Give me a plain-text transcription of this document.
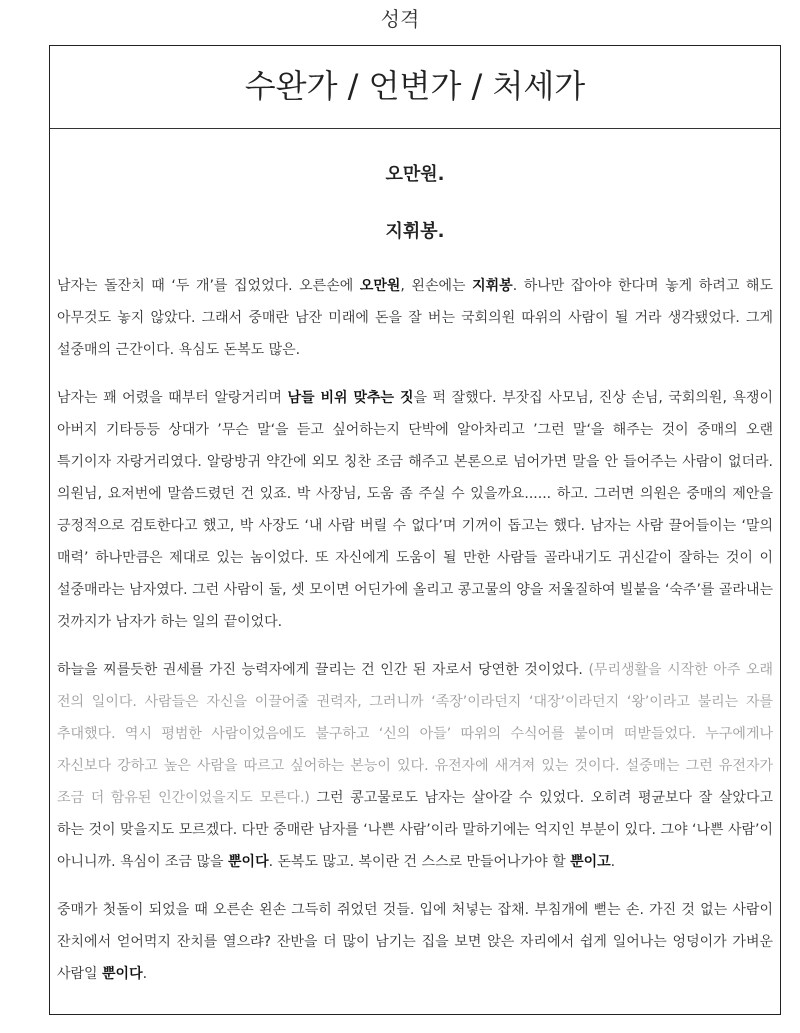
성격
수완가 / 언변가 / 처세가
오만원.
지휘봉.

남자는 돌잔치 때 ‘두 개’를 집었었다. 오른손에 오만원, 왼손에는 지휘봉. 하나만 잡아야 한다며 놓게 하려고 해도 아무것도 놓지 않았다. 그래서 중매란 남잔 미래에 돈을 잘 버는 국회의원 따위의 사람이 될 거라 생각됐었다. 그게 설중매의 근간이다. 욕심도 돈복도 많은.

남자는 꽤 어렸을 때부터 알랑거리며 남들 비위 맞추는 짓을 퍽 잘했다. 부잣집 사모님, 진상 손님, 국회의원, 욕쟁이 아버지 기타등등 상대가 ’무슨 말‘을 듣고 싶어하는지 단박에 알아차리고 ’그런 말‘을 해주는 것이 중매의 오랜 특기이자 자랑거리였다. 알랑방귀 약간에 외모 칭찬 조금 해주고 본론으로 넘어가면 말을 안 들어주는 사람이 없더라. 의원님, 요저번에 말씀드렸던 건 있죠. 박 사장님, 도움 좀 주실 수 있을까요...... 하고. 그러면 의원은 중매의 제안을 긍정적으로 검토한다고 했고, 박 사장도 ‘내 사람 버릴 수 없다’며 기꺼이 돕고는 했다. 남자는 사람 끌어들이는 ‘말의 매력’ 하나만큼은 제대로 있는 놈이었다. 또 자신에게 도움이 될 만한 사람들 골라내기도 귀신같이 잘하는 것이 이 설중매라는 남자였다. 그런 사람이 둘, 셋 모이면 어딘가에 올리고 콩고물의 양을 저울질하여 빌붙을 ‘숙주’를 골라내는 것까지가 남자가 하는 일의 끝이었다.

하늘을 찌를듯한 권세를 가진 능력자에게 끌리는 건 인간 된 자로서 당연한 것이었다. (무리생활을 시작한 아주 오래 전의 일이다. 사람들은 자신을 이끌어줄 권력자, 그러니까 ‘족장’이라던지 ‘대장’이라던지 ‘왕’이라고 불리는 자를 추대했다. 역시 평범한 사람이었음에도 불구하고 ‘신의 아들’ 따위의 수식어를 붙이며 떠받들었다. 누구에게나 자신보다 강하고 높은 사람을 따르고 싶어하는 본능이 있다. 유전자에 새겨져 있는 것이다. 설중매는 그런 유전자가 조금 더 함유된 인간이었을지도 모른다.) 그런 콩고물로도 남자는 살아갈 수 있었다. 오히려 평균보다 잘 살았다고 하는 것이 맞을지도 모르겠다. 다만 중매란 남자를 ‘나쁜 사람’이라 말하기에는 억지인 부분이 있다. 그야 ‘나쁜 사람’이 아니니까. 욕심이 조금 많을 뿐이다. 돈복도 많고. 복이란 건 스스로 만들어나가야 할 뿐이고.

중매가 첫돌이 되었을 때 오른손 왼손 그득히 쥐었던 것들. 입에 처넣는 잡채. 부침개에 뻗는 손. 가진 것 없는 사람이 잔치에서 얻어먹지 잔치를 열으랴? 잔반을 더 많이 남기는 집을 보면 앉은 자리에서 쉽게 일어나는 엉덩이가 가벼운 사람일 뿐이다.
